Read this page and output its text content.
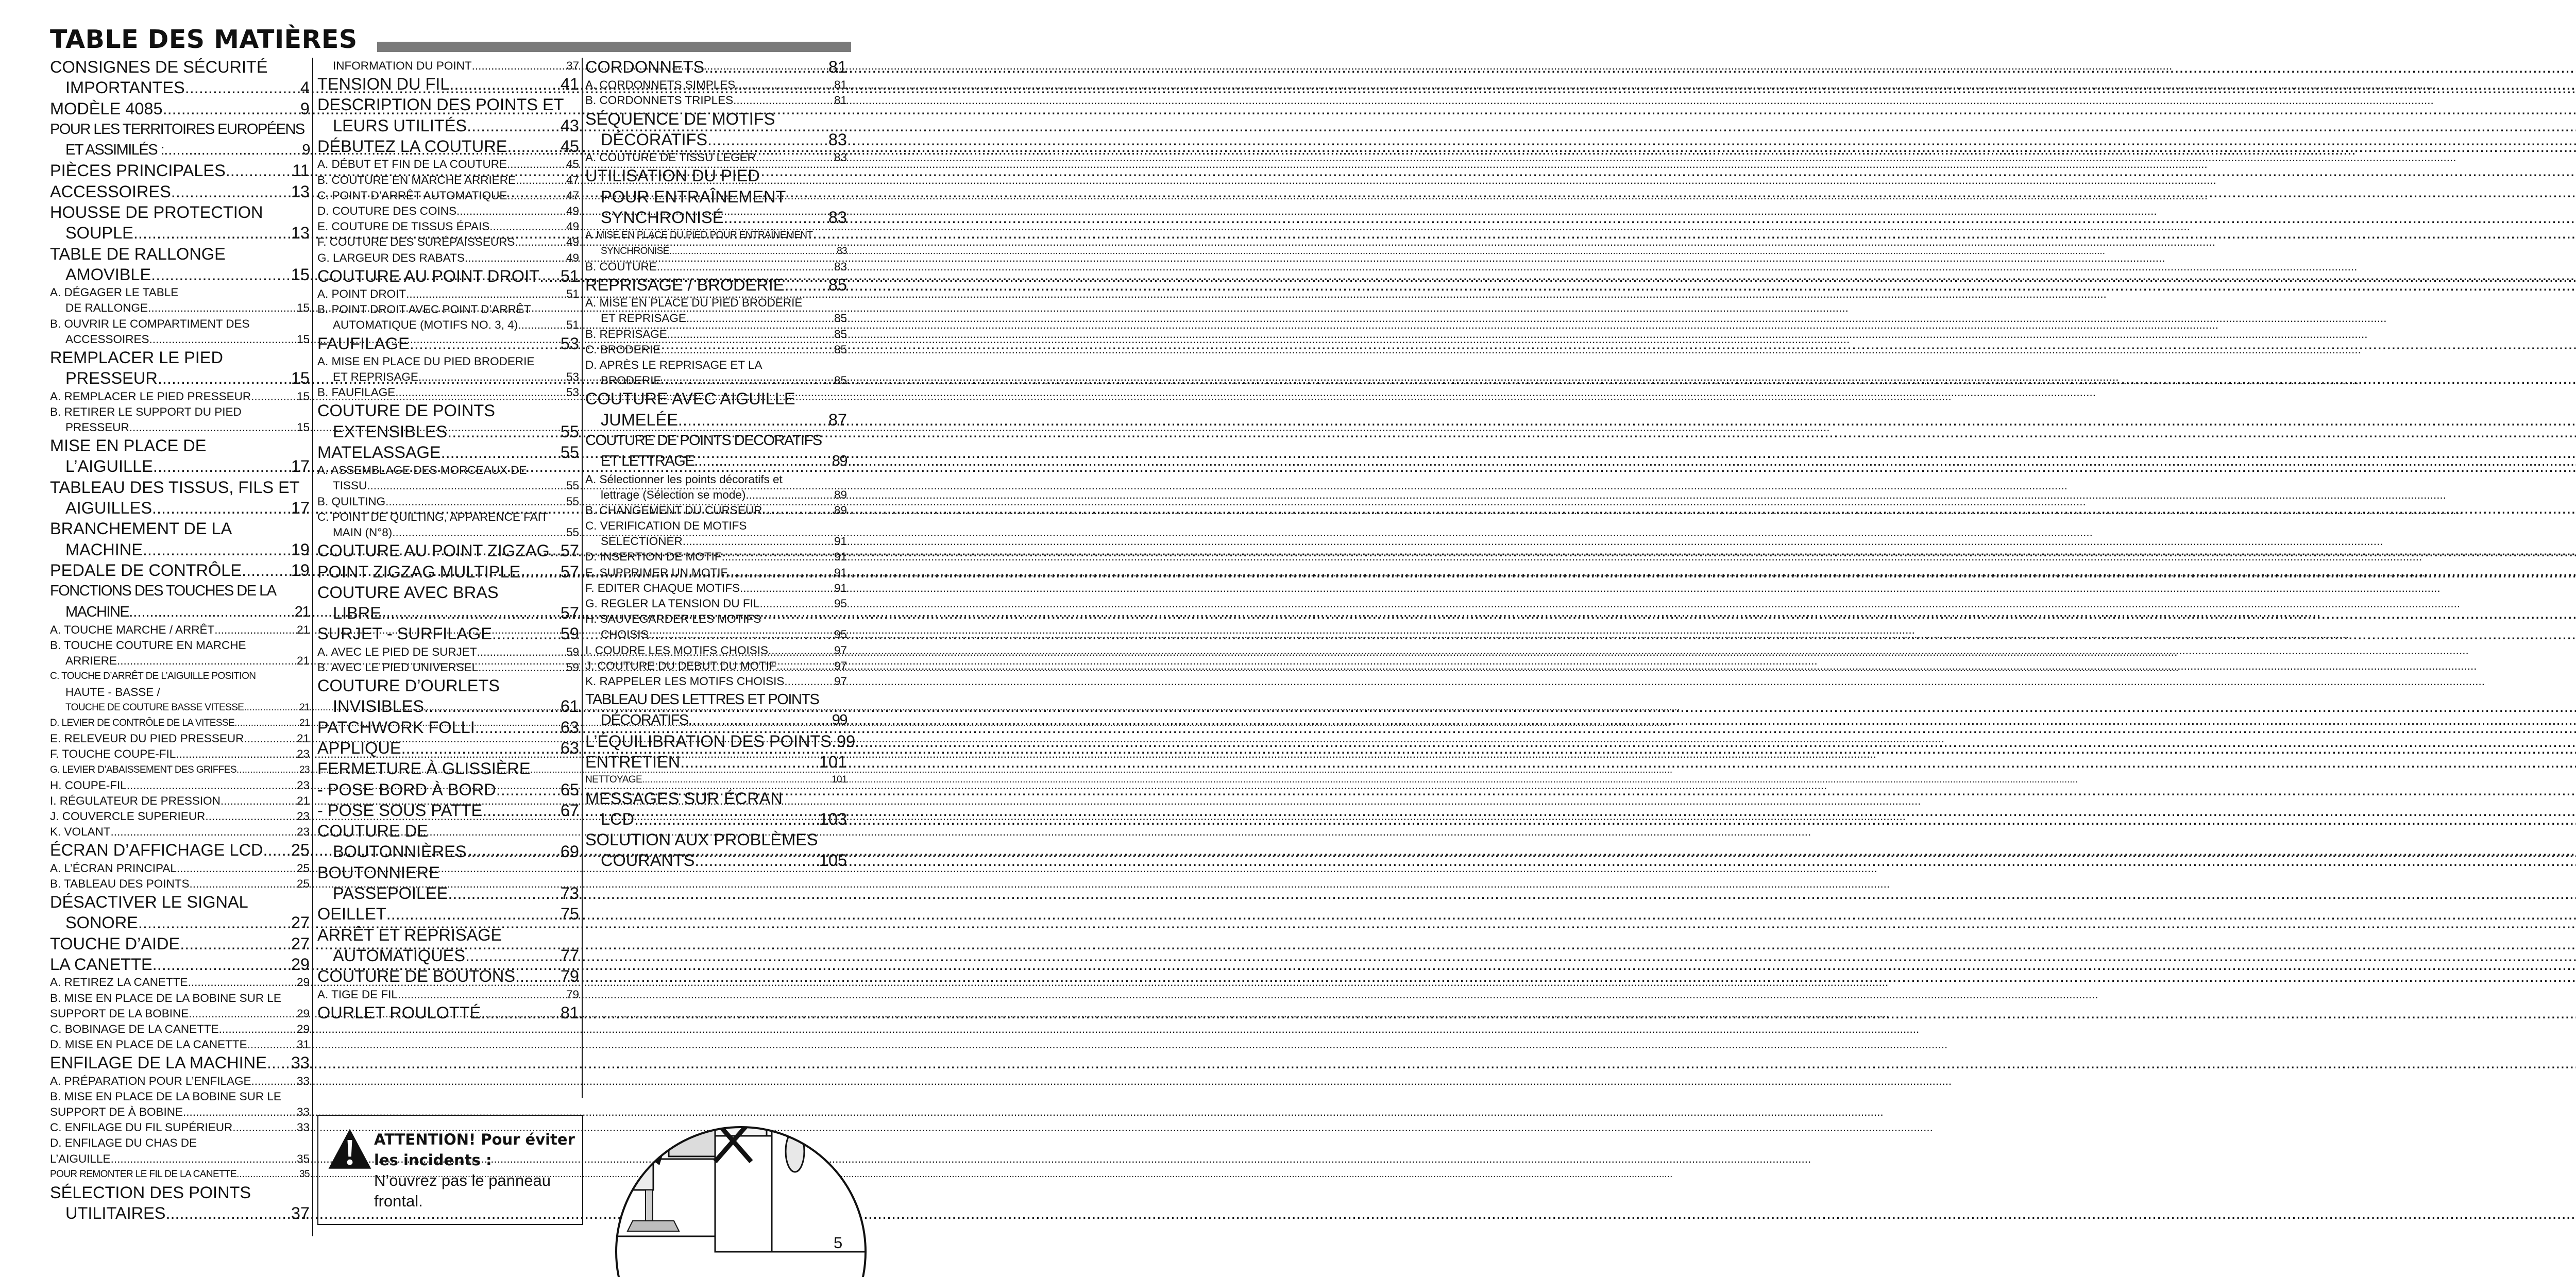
TABLE DES MATIÈRES
CONSIGNES DE SÉCURITÉ
IMPORTANTES .....	4
MODÈLE 4085 .....	9
POUR LES TERRITOIRES EUROPÉENS
ET ASSIMILÉS : .....	9
PIÈCES PRINCIPALES .....	11
ACCESSOIRES .....	13
HOUSSE DE PROTECTION
SOUPLE .....	13
TABLE DE RALLONGE
AMOVIBLE .....	15
A. DÉGAGER LE TABLE
DE RALLONGE .....	15
B. OUVRIR LE COMPARTIMENT DES
ACCESSOIRES .....	15
REMPLACER LE PIED
PRESSEUR .....	15
A. REMPLACER LE PIED PRESSEUR .....	15
B. RETIRER LE SUPPORT DU PIED
PRESSEUR .....	15
MISE EN PLACE DE
L’AIGUILLE .....	17
TABLEAU DES TISSUS, FILS ET
AIGUILLES .....	17
BRANCHEMENT DE LA
MACHINE .....	19
PEDALE DE CONTRÔLE .....	19
FONCTIONS DES TOUCHES DE LA
MACHINE .....	21
A. TOUCHE MARCHE / ARRÊT .....	21
B. TOUCHE COUTURE EN MARCHE
ARRIERE .....	21
C. TOUCHE D’ARRÊT DE L’AIGUILLE POSITION
HAUTE - BASSE /
TOUCHE DE COUTURE BASSE VITESSE .....	21
D. LEVIER DE CONTRÔLE DE LA VITESSE .....	21
E. RELEVEUR DU PIED PRESSEUR .....	21
F. TOUCHE COUPE-FIL .....	23
G. LEVIER D’ABAISSEMENT DES GRIFFES .....	23
H. COUPE-FIL .....	23
I. RÉGULATEUR DE PRESSION .....	21
J. COUVERCLE SUPERIEUR .....	23
K. VOLANT .....	23
ÉCRAN D’AFFICHAGE LCD ..... 25
A. L’ÉCRAN PRINCIPAL .....	25
B. TABLEAU DES POINTS .....	25
DÉSACTIVER LE SIGNAL
SONORE .....	27
TOUCHE D’AIDE .....	27
LA CANETTE .....	29
A. RETIREZ LA CANETTE .....	29
B. MISE EN PLACE DE LA BOBINE SUR LE
SUPPORT DE LA BOBINE .....	29
C. BOBINAGE DE LA CANETTE .....	29
D. MISE EN PLACE DE LA CANETTE .....	31
ENFILAGE DE LA MACHINE ..... 33
A. PRÉPARATION POUR L’ENFILAGE .....	33
B. MISE EN PLACE DE LA BOBINE SUR LE
SUPPORT DE À BOBINE .....	33
C. ENFILAGE DU FIL SUPÉRIEUR .....	33
D. ENFILAGE DU CHAS DE
L’AIGUILLE .....	35
POUR REMONTER LE FIL DE LA CANETTE .....	35
SÉLECTION DES POINTS
UTILITAIRES .....	37
INFORMATION DU POINT .....	37
TENSION DU FIL .....	41
DESCRIPTION DES POINTS ET
LEURS UTILITÉS .....	43
DÉBUTEZ LA COUTURE .....	45
A. DÉBUT ET FIN DE LA COUTURE .....	45
B. COUTURE EN MARCHE ARRIERE .....	47
C. POINT D’ARRÊT AUTOMATIQUE .....	47
D. COUTURE DES COINS .....	49
E. COUTURE DE TISSUS ÉPAIS .....	49
F. COUTURE DES SURÉPAISSEURS .....	49
G. LARGEUR DES RABATS .....	49
COUTURE AU POINT DROIT ..... 51
A. POINT DROIT .....	51
B. POINT DROIT AVEC POINT D’ARRÊT
AUTOMATIQUE (MOTIFS NO. 3, 4) .....	51
FAUFILAGE .....	53
A. MISE EN PLACE DU PIED BRODERIE
ET REPRISAGE .....	53
B. FAUFILAGE .....	53
COUTURE DE POINTS
EXTENSIBLES .....	55
MATELASSAGE .....	55
A. ASSEMBLAGE DES MORCEAUX DE
TISSU .....	55
B. QUILTING .....	55
C. POINT DE QUILTING, APPARENCE FAIT
MAIN (N°8) .....	55
COUTURE AU POINT ZIGZAG ..... 57
POINT ZIGZAG MULTIPLE ..... 57
COUTURE AVEC BRAS
LIBRE .....	57
SURJET - SURFILAGE .....	59
A. AVEC LE PIED DE SURJET .....	59
B. AVEC LE PIED UNIVERSEL .....	59
COUTURE D’OURLETS
INVISIBLES .....	61
PATCHWORK FOLLI .....	63
APPLIQUE .....	63
FERMETURE À GLISSIÈRE
- POSE BORD À BORD .....	65
- POSE SOUS PATTE .....	67
COUTURE DE
BOUTONNIÈRES .....	69
BOUTONNIERE
PASSEPOILEE .....	73
OEILLET .....	75
ARRÊT ET REPRISAGE
AUTOMATIQUES .....	77
COUTURE DE BOUTONS .....	79
A. TIGE DE FIL .....	79
OURLET ROULOTTÉ .....	81
CORDONNETS .....	81
A. CORDONNETS SIMPLES .....	81
B. CORDONNETS TRIPLES .....	81
SÉQUENCE DE MOTIFS
DÉCORATIFS .....	83
A. COUTURE DE TISSU LEGER .....	83
UTILISATION DU PIED
POUR ENTRAÎNEMENT
SYNCHRONISÉ .....	83
A. MISE EN PLACE DU PIED POUR ENTRAÎNEMENT
SYNCHRONISÉ .....	83
B. COUTURE .....	83
REPRISAGE / BRODERIE .....	85
A. MISE EN PLACE DU PIED BRODERIE
ET REPRISAGE .....	85
B. REPRISAGE .....	85
C. BRODERIE .....	85
D. APRÈS LE REPRISAGE ET LA
BRODERIE .....	85
COUTURE AVEC AIGUILLE
JUMELÉE .....	87
COUTURE DE POINTS DECORATIFS
ET LETTRAGE .....	89
A. Sélectionner les points décoratifs et
lettrage (Sélection se mode) .....	89
B. CHANGEMENT DU CURSEUR .....	89
C. VERIFICATION DE MOTIFS
SELECTIONER .....	91
D. INSERTION DE MOTIF .....	91
E. SUPPRIMER UN MOTIF .....	91
F. EDITER CHAQUE MOTIFS .....	91
G. REGLER LA TENSION DU FIL .....	95
H. SAUVEGARDER LES MOTIFS
CHOISIS .....	95
I. COUDRE LES MOTIFS CHOISIS .....	97
J. COUTURE DU DEBUT DU MOTIF .....	97
K. RAPPELER LES MOTIFS CHOISIS .....	97
TABLEAU DES LETTRES ET POINTS
DÉCORATIFS .....	99
L’ÉQUILIBRATION DES POINTS ..... 99
ENTRETIEN .....	101
NETTOYAGE .....	101
MESSAGES SUR ÉCRAN
LCD .....	103
SOLUTION AUX PROBLÈMES
COURANTS .....	105
ATTENTION! Pour éviter les incidents :
N’ouvrez pas le panneau frontal.
5
